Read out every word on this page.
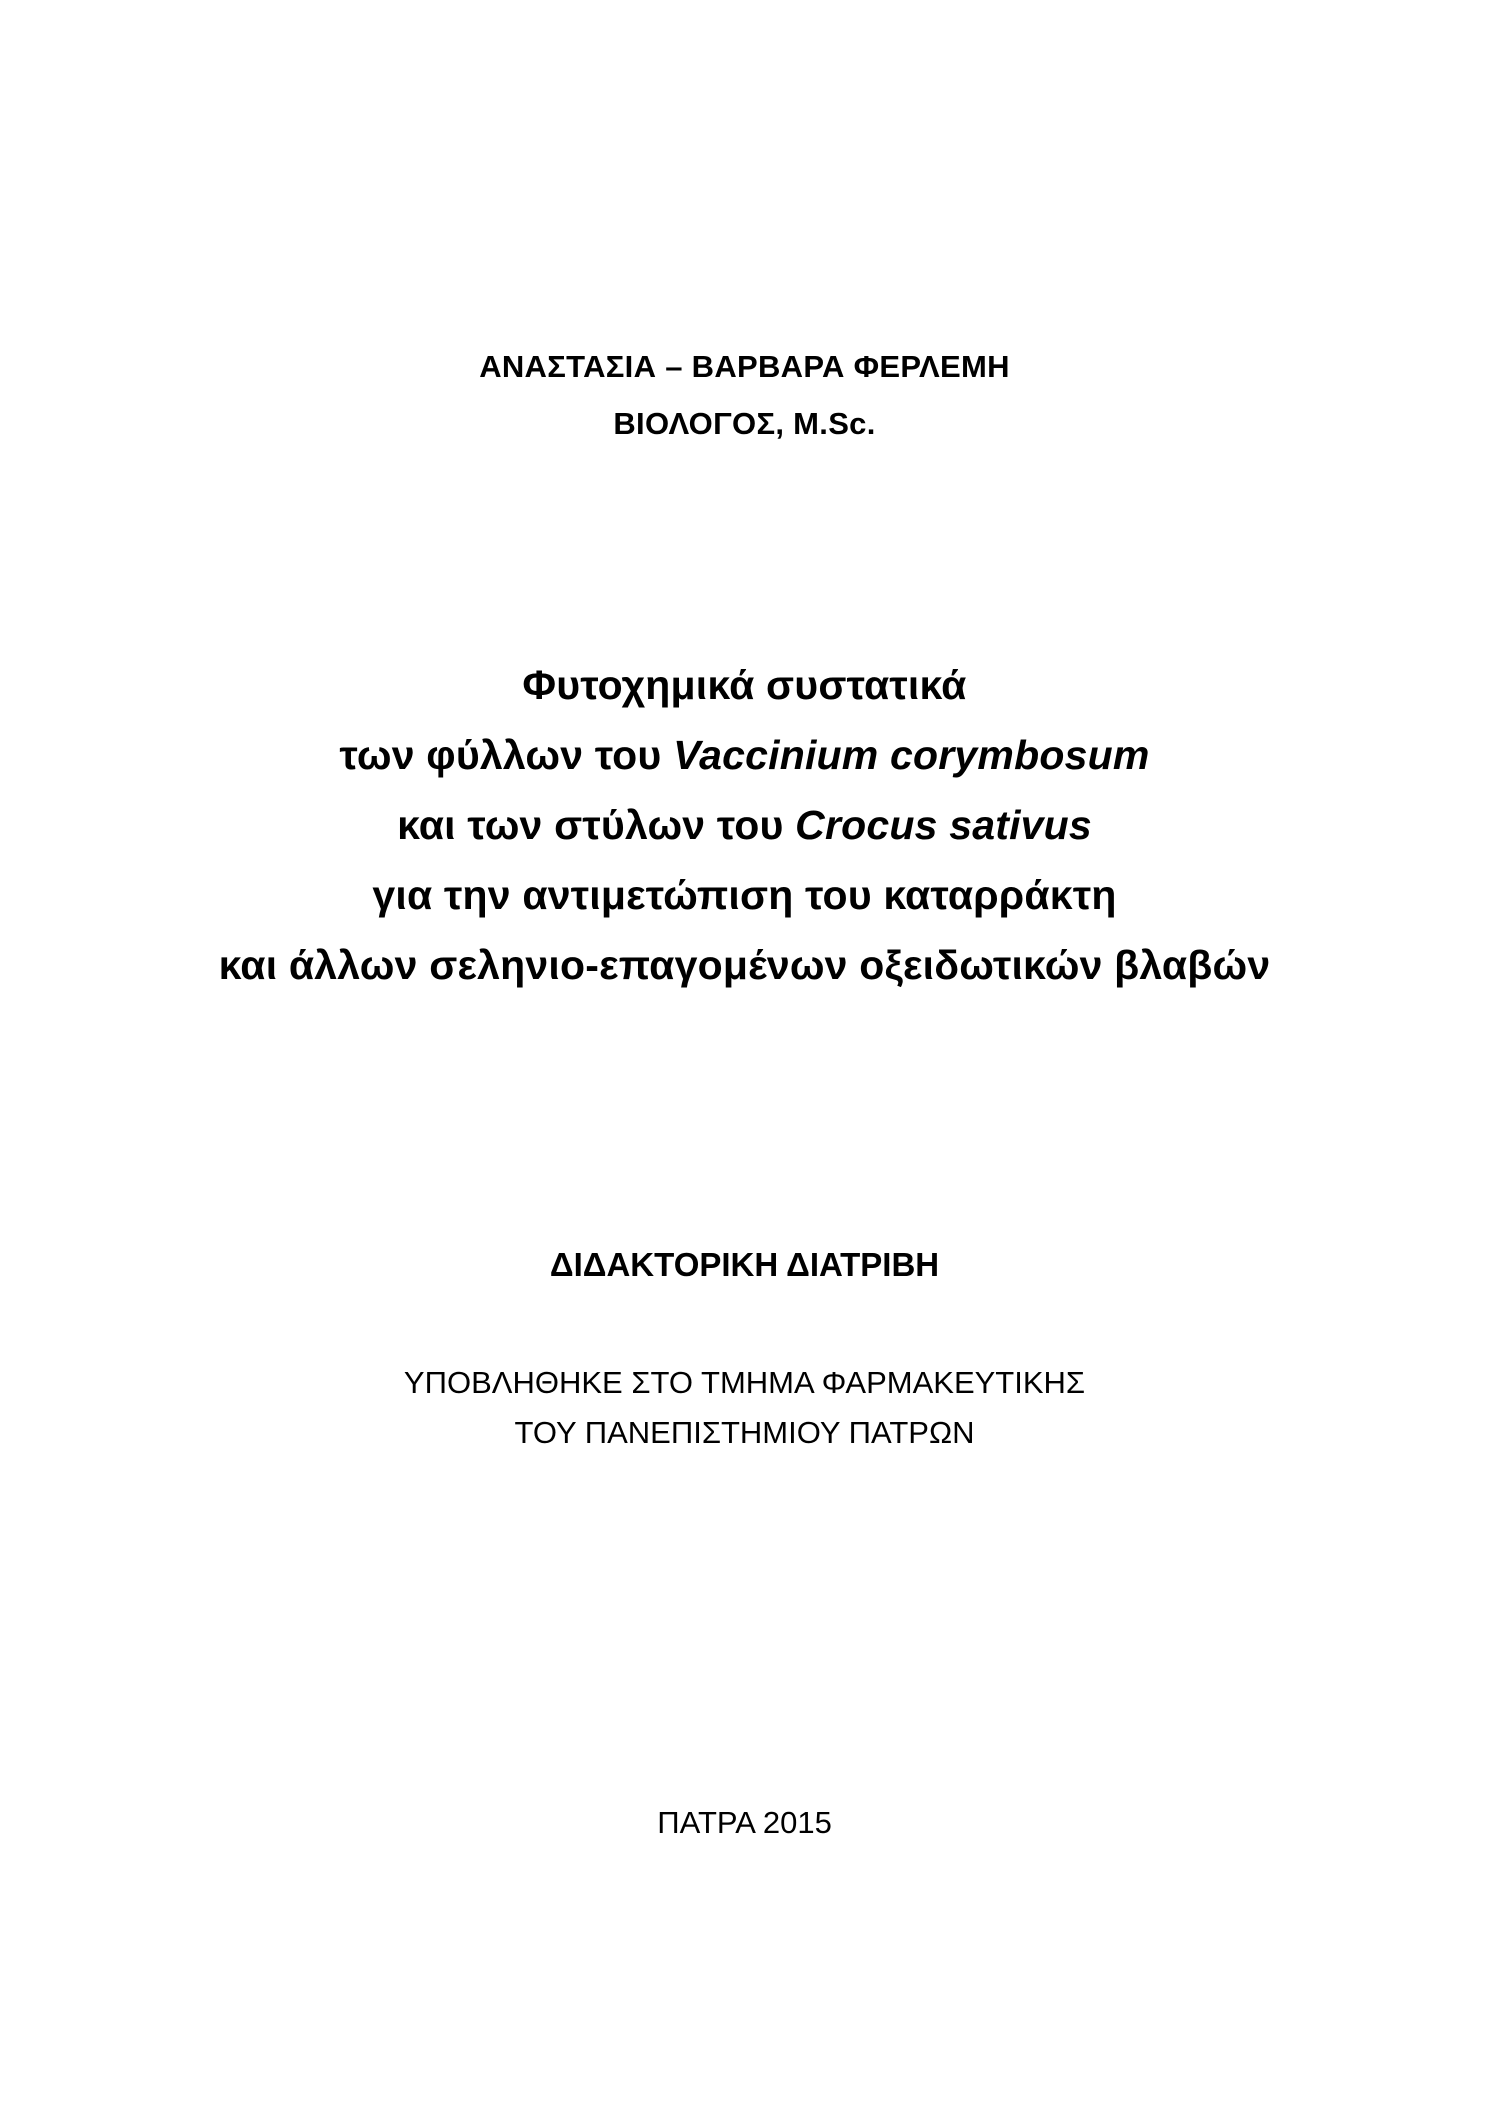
ΑΝΑΣΤΑΣΙΑ – ΒΑΡΒΑΡΑ ΦΕΡΛΕΜΗ
ΒΙΟΛΟΓΟΣ, M.Sc.
Φυτοχημικά συστατικά
των φύλλων του Vaccinium corymbosum
και των στύλων του Crocus sativus
για την αντιμετώπιση του καταρράκτη
και άλλων σεληνιο-επαγομένων οξειδωτικών βλαβών
ΔΙΔΑΚΤΟΡΙΚΗ ΔΙΑΤΡΙΒΗ
ΥΠΟΒΛΗΘΗΚΕ ΣΤΟ ΤΜΗΜΑ ΦΑΡΜΑΚΕΥΤΙΚΗΣ
ΤΟΥ ΠΑΝΕΠΙΣΤΗΜΙΟΥ ΠΑΤΡΩΝ
ΠΑΤΡΑ 2015
